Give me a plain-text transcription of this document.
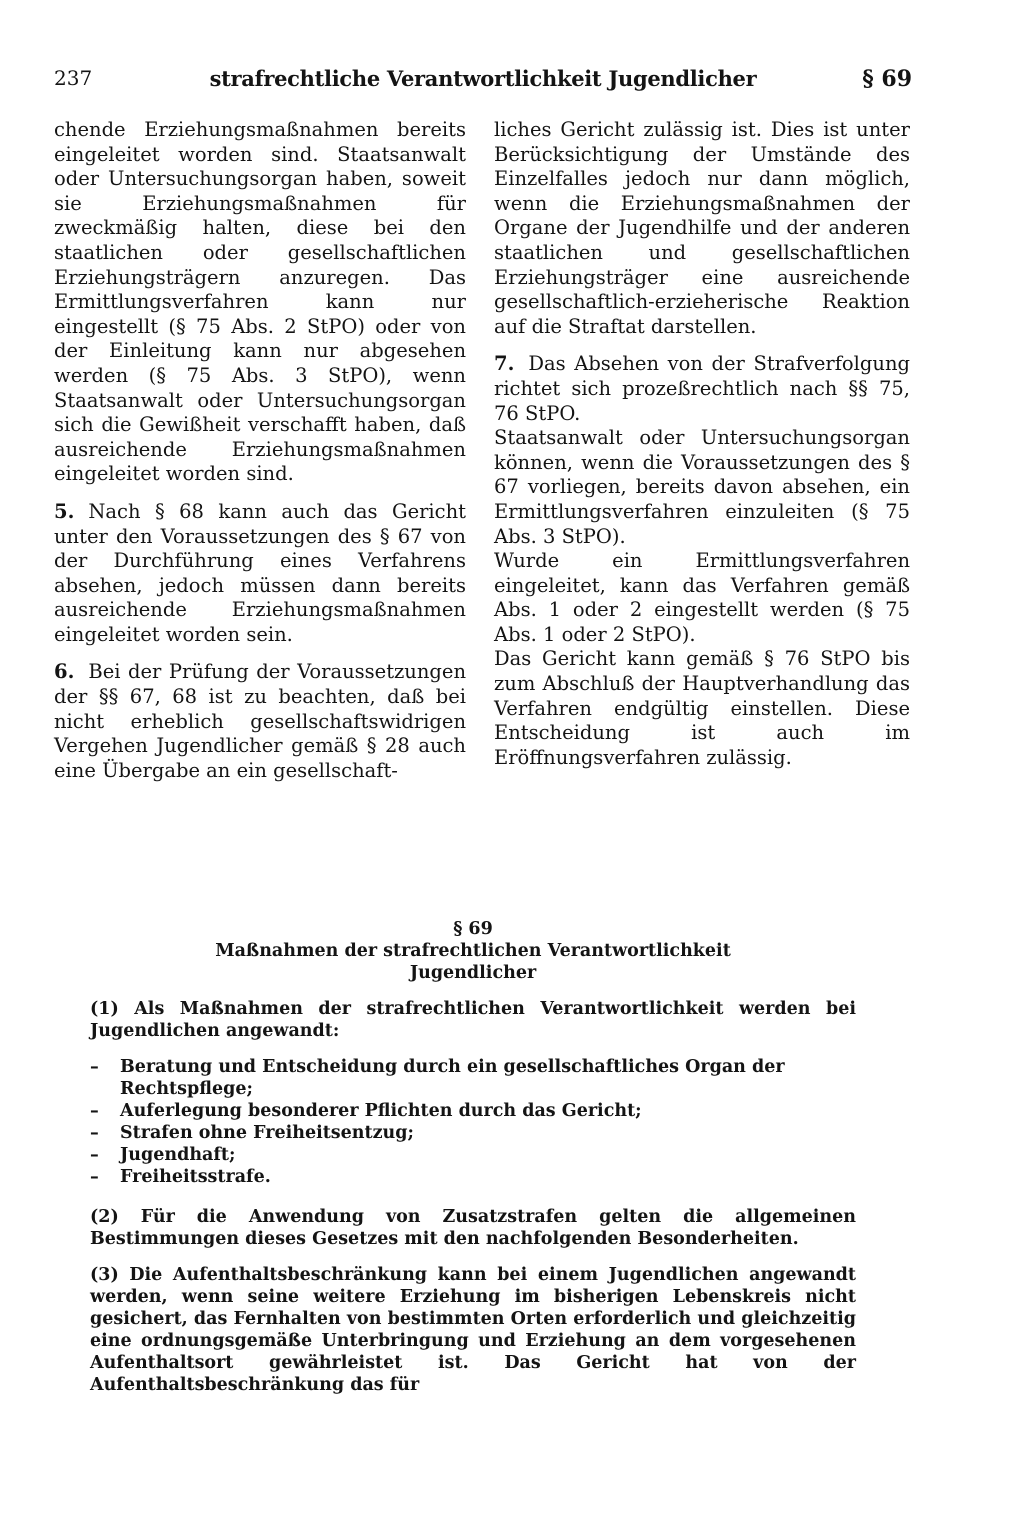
237	strafrechtliche Verantwortlichkeit Jugendlicher	§ 69

chende Erziehungsmaßnahmen bereits eingeleitet worden sind. Staatsanwalt oder Untersuchungsorgan haben, soweit sie Erziehungsmaßnahmen für zweckmäßig halten, diese bei den staatlichen oder gesellschaftlichen Erziehungsträgern anzuregen. Das Ermittlungsverfahren kann nur eingestellt (§ 75 Abs. 2 StPO) oder von der Einleitung kann nur abgesehen werden (§ 75 Abs. 3 StPO), wenn Staatsanwalt oder Untersuchungsorgan sich die Gewißheit verschafft haben, daß ausreichende Erziehungsmaßnahmen eingeleitet worden sind.

5. Nach § 68 kann auch das Gericht unter den Voraussetzungen des § 67 von der Durchführung eines Verfahrens absehen, jedoch müssen dann bereits ausreichende Erziehungsmaßnahmen eingeleitet worden sein.

6. Bei der Prüfung der Voraussetzungen der §§ 67, 68 ist zu beachten, daß bei nicht erheblich gesellschaftswidrigen Vergehen Jugendlicher gemäß § 28 auch eine Übergabe an ein gesellschaft-

liches Gericht zulässig ist. Dies ist unter Berücksichtigung der Umstände des Einzelfalles jedoch nur dann möglich, wenn die Erziehungsmaßnahmen der Organe der Jugendhilfe und der anderen staatlichen und gesellschaftlichen Erziehungsträger eine ausreichende gesellschaftlich-erzieherische Reaktion auf die Straftat darstellen.

7. Das Absehen von der Strafverfolgung richtet sich prozeßrechtlich nach §§ 75, 76 StPO.

Staatsanwalt oder Untersuchungsorgan können, wenn die Voraussetzungen des § 67 vorliegen, bereits davon absehen, ein Ermittlungsverfahren einzuleiten (§ 75 Abs. 3 StPO).

Wurde ein Ermittlungsverfahren eingeleitet, kann das Verfahren gemäß Abs. 1 oder 2 eingestellt werden (§ 75 Abs. 1 oder 2 StPO).

Das Gericht kann gemäß § 76 StPO bis zum Abschluß der Hauptverhandlung das Verfahren endgültig einstellen. Diese Entscheidung ist auch im Eröffnungsverfahren zulässig.

§ 69
Maßnahmen der strafrechtlichen Verantwortlichkeit
Jugendlicher

(1) Als Maßnahmen der strafrechtlichen Verantwortlichkeit werden bei Jugendlichen angewandt:

– Beratung und Entscheidung durch ein gesellschaftliches Organ der Rechtspflege;
– Auferlegung besonderer Pflichten durch das Gericht;
– Strafen ohne Freiheitsentzug;
– Jugendhaft;
– Freiheitsstrafe.

(2) Für die Anwendung von Zusatzstrafen gelten die allgemeinen Bestimmungen dieses Gesetzes mit den nachfolgenden Besonderheiten.

(3) Die Aufenthaltsbeschränkung kann bei einem Jugendlichen angewandt werden, wenn seine weitere Erziehung im bisherigen Lebenskreis nicht gesichert, das Fernhalten von bestimmten Orten erforderlich und gleichzeitig eine ordnungsgemäße Unterbringung und Erziehung an dem vorgesehenen Aufenthaltsort gewährleistet ist. Das Gericht hat von der Aufenthaltsbeschränkung das für
